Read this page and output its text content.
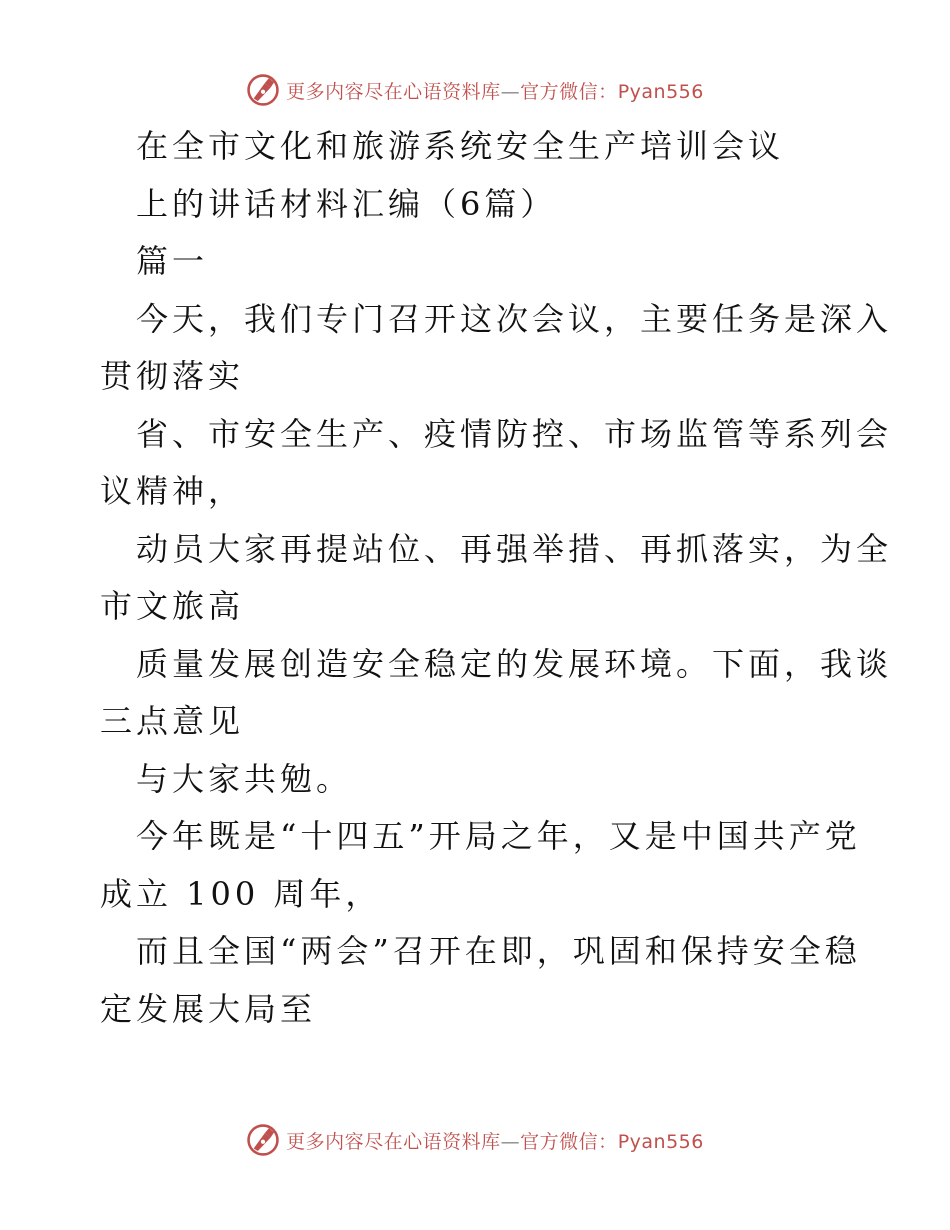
更多内容尽在心语资料库—官方微信：Pyan556
在全市文化和旅游系统安全生产培训会议
上的讲话材料汇编（6篇）
篇一
今天，我们专门召开这次会议，主要任务是深入
贯彻落实
省、市安全生产、疫情防控、市场监管等系列会
议精神，
动员大家再提站位、再强举措、再抓落实，为全
市文旅高
质量发展创造安全稳定的发展环境。下面，我谈
三点意见
与大家共勉。
今年既是“十四五”开局之年，又是中国共产党
成立 100 周年，
而且全国“两会”召开在即，巩固和保持安全稳
定发展大局至
更多内容尽在心语资料库—官方微信：Pyan556
